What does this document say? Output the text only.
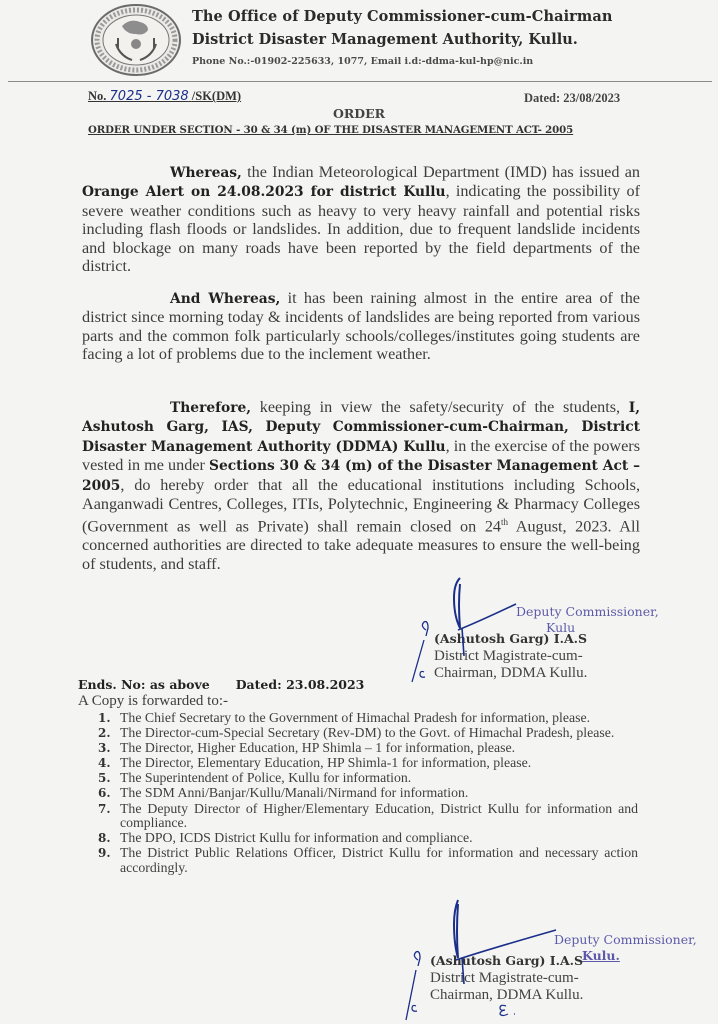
The Office of Deputy Commissioner-cum-Chairman
District Disaster Management Authority, Kullu.
Phone No.:-01902-225633, 1077, Email i.d:-ddma-kul-hp@nic.in
No. 7025 - 7038 /SK(DM)	Dated: 23/08/2023
ORDER
ORDER UNDER SECTION - 30 & 34 (m) OF THE DISASTER MANAGEMENT ACT- 2005
Whereas, the Indian Meteorological Department (IMD) has issued an Orange Alert on 24.08.2023 for district Kullu, indicating the possibility of severe weather conditions such as heavy to very heavy rainfall and potential risks including flash floods or landslides. In addition, due to frequent landslide incidents and blockage on many roads have been reported by the field departments of the district.
And Whereas, it has been raining almost in the entire area of the district since morning today & incidents of landslides are being reported from various parts and the common folk particularly schools/colleges/institutes going students are facing a lot of problems due to the inclement weather.
Therefore, keeping in view the safety/security of the students, I, Ashutosh Garg, IAS, Deputy Commissioner-cum-Chairman, District Disaster Management Authority (DDMA) Kullu, in the exercise of the powers vested in me under Sections 30 & 34 (m) of the Disaster Management Act – 2005, do hereby order that all the educational institutions including Schools, Aanganwadi Centres, Colleges, ITIs, Polytechnic, Engineering & Pharmacy Colleges (Government as well as Private) shall remain closed on 24th August, 2023. All concerned authorities are directed to take adequate measures to ensure the well-being of students, and staff.
Deputy Commissioner,
Kulu
(Ashutosh Garg) I.A.S
District Magistrate-cum-
Chairman, DDMA Kullu.
Ends. No: as above Dated: 23.08.2023
A Copy is forwarded to:-
1. The Chief Secretary to the Government of Himachal Pradesh for information, please.
2. The Director-cum-Special Secretary (Rev-DM) to the Govt. of Himachal Pradesh, please.
3. The Director, Higher Education, HP Shimla – 1 for information, please.
4. The Director, Elementary Education, HP Shimla-1 for information, please.
5. The Superintendent of Police, Kullu for information.
6. The SDM Anni/Banjar/Kullu/Manali/Nirmand for information.
7. The Deputy Director of Higher/Elementary Education, District Kullu for information and compliance.
8. The DPO, ICDS District Kullu for information and compliance.
9. The District Public Relations Officer, District Kullu for information and necessary action accordingly.
Deputy Commissioner,
Kulu.
(Ashutosh Garg) I.A.S
District Magistrate-cum-
Chairman, DDMA Kullu.
